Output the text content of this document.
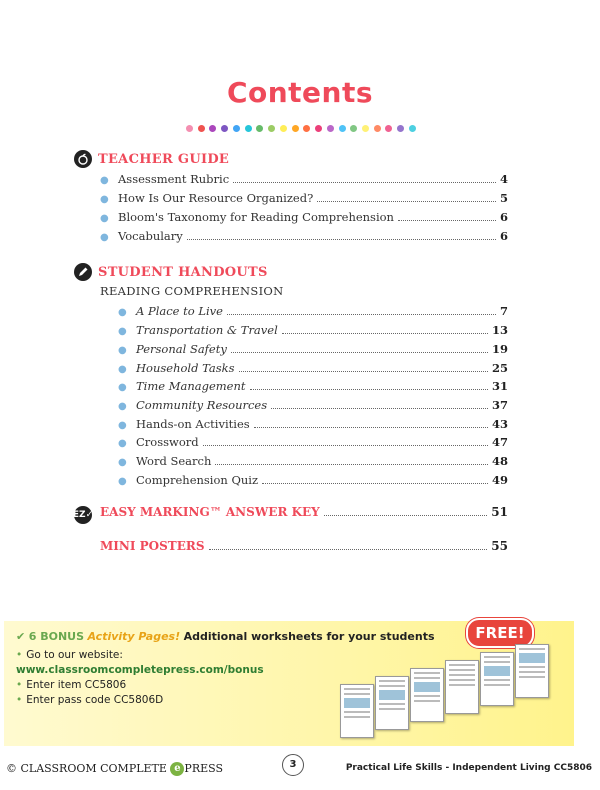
Contents
TEACHER GUIDE
● Assessment Rubric	4
● How Is Our Resource Organized?	5
● Bloom's Taxonomy for Reading Comprehension	6
● Vocabulary	6
STUDENT HANDOUTS
READING COMPREHENSION
● A Place to Live	7
● Transportation & Travel	13
● Personal Safety	19
● Household Tasks	25
● Time Management	31
● Community Resources	37
● Hands-on Activities	43
● Crossword	47
● Word Search	48
● Comprehension Quiz	49
EZ✓ EASY MARKING™ ANSWER KEY	51
MINI POSTERS	55
✔ 6 BONUS Activity Pages! Additional worksheets for your students
• Go to our website:
www.classroomcompletepress.com/bonus
• Enter item CC5806
• Enter pass code CC5806D
FREE!
© CLASSROOM COMPLETE e PRESS	3	Practical Life Skills - Independent Living CC5806
